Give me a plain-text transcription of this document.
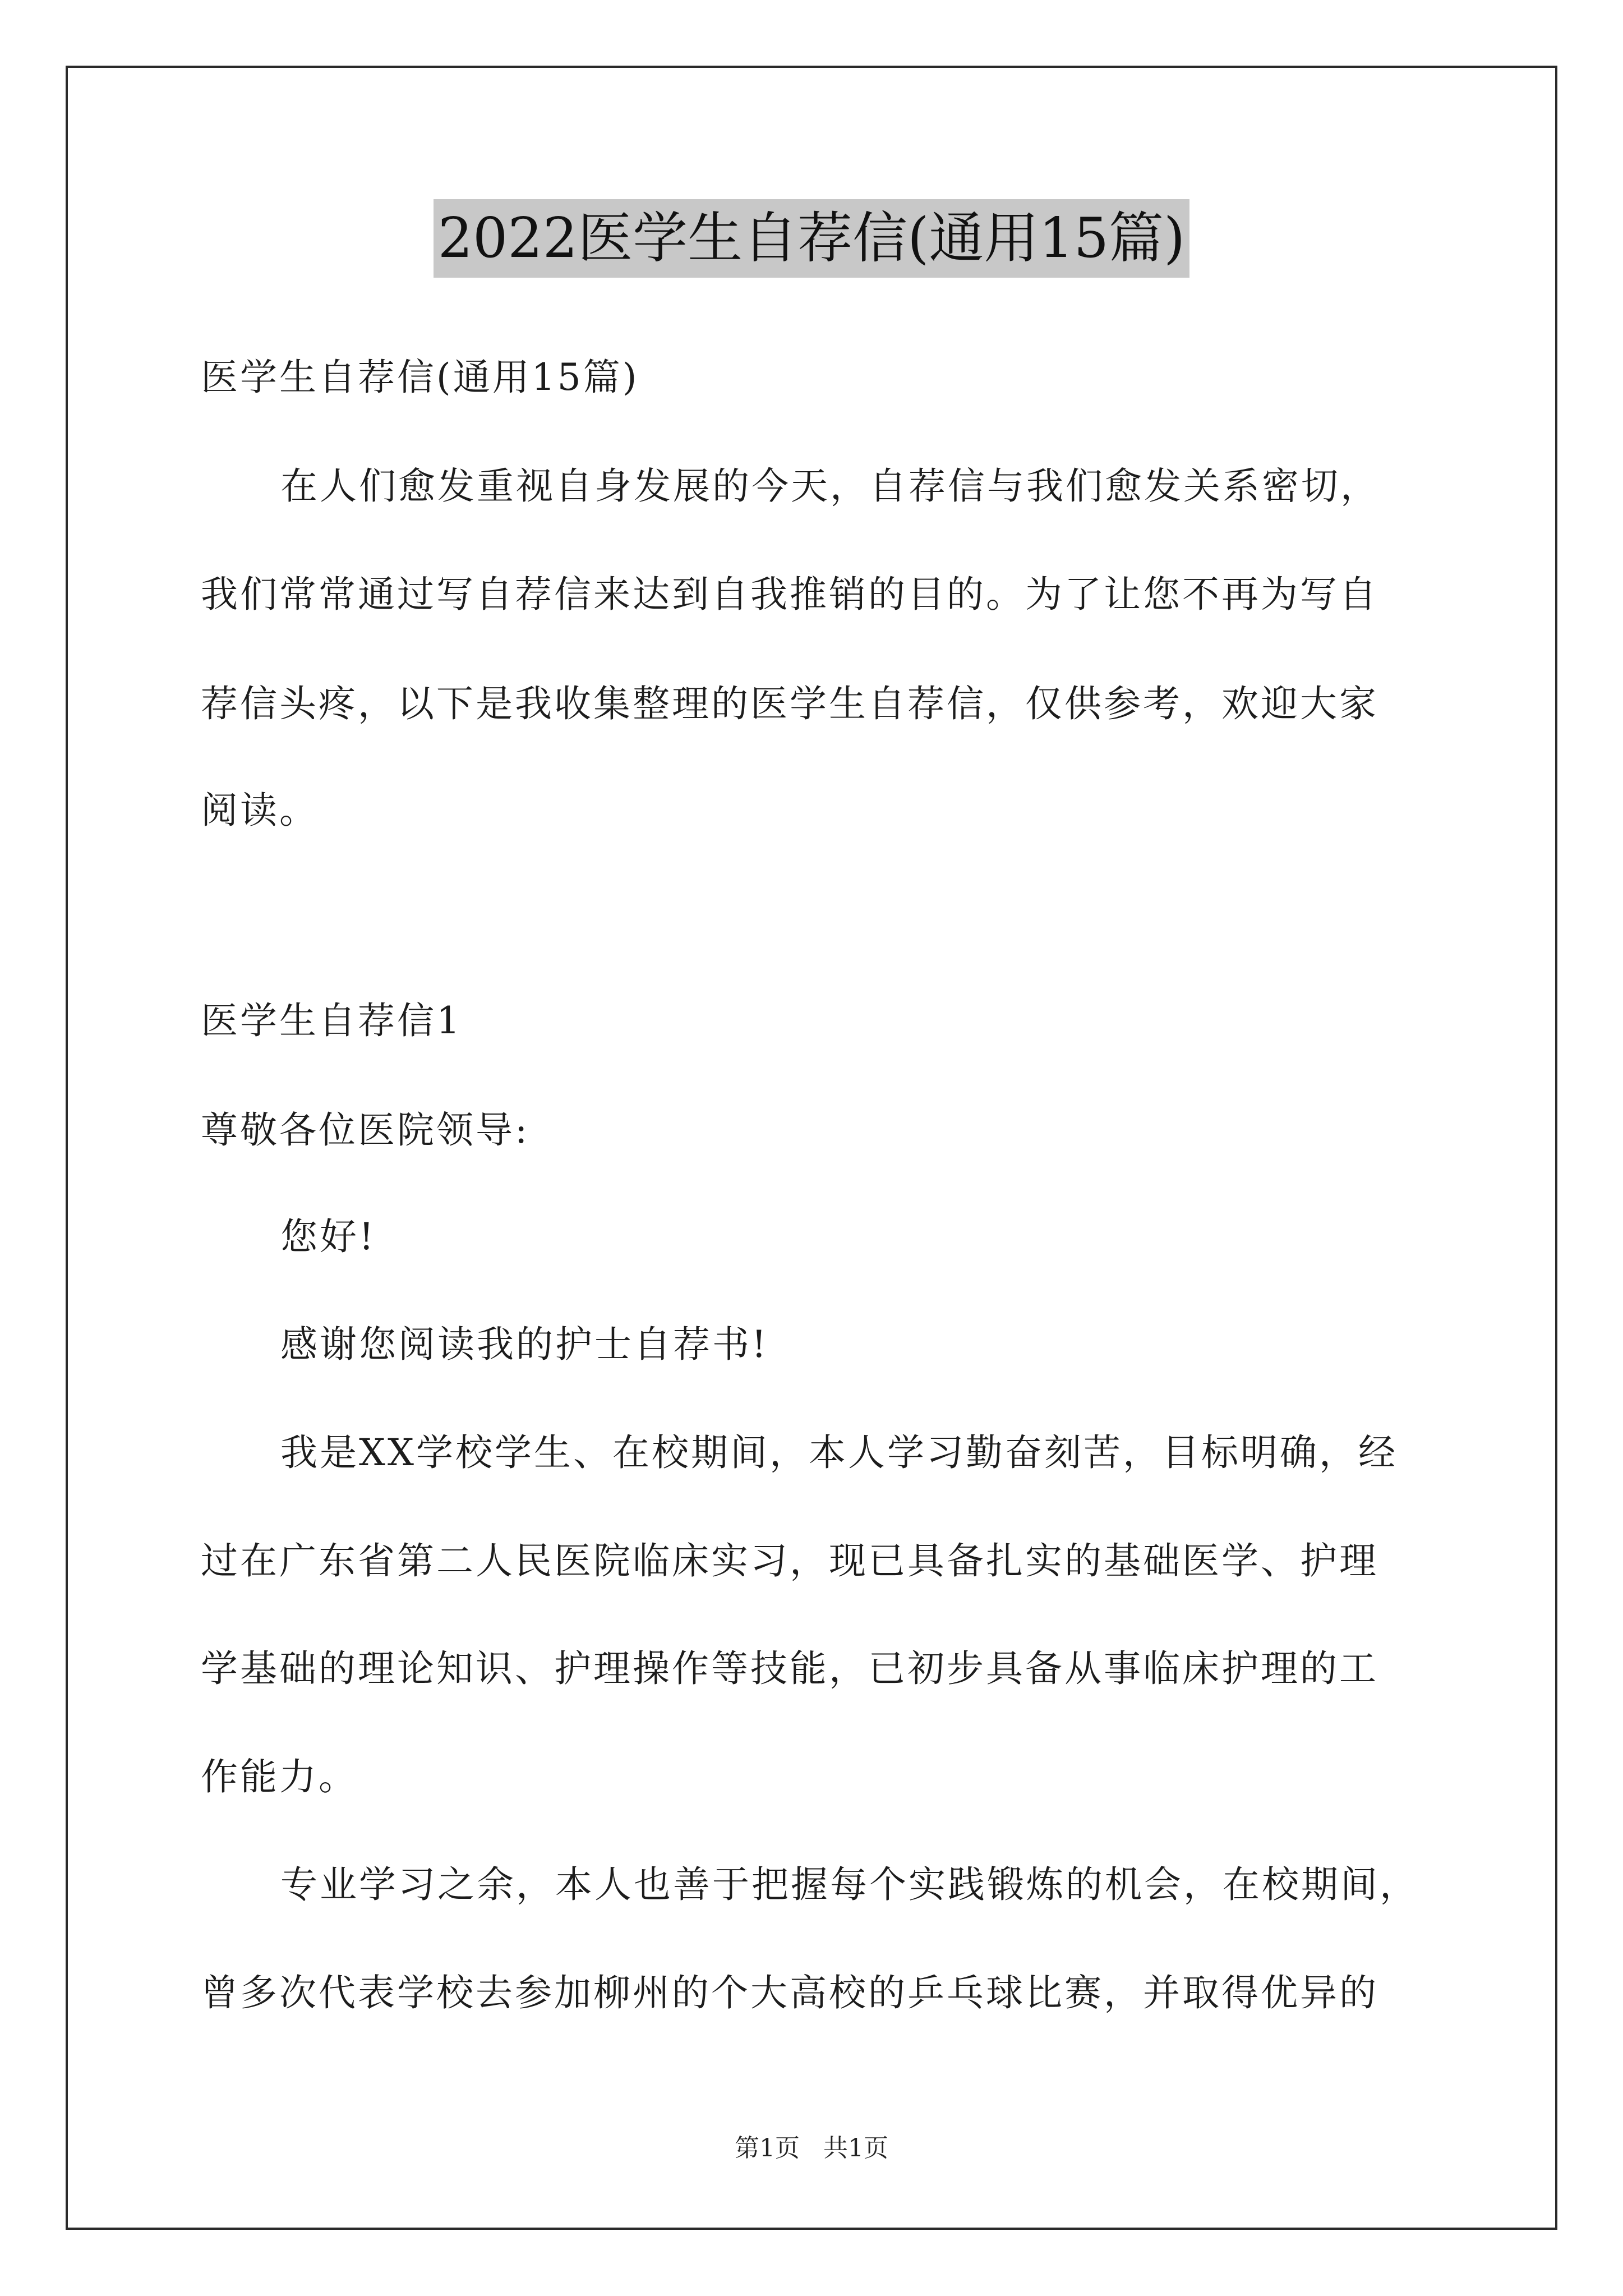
2022医学生自荐信(通用15篇)
医学生自荐信(通用15篇)
在人们愈发重视自身发展的今天，自荐信与我们愈发关系密切，
我们常常通过写自荐信来达到自我推销的目的。为了让您不再为写自
荐信头疼，以下是我收集整理的医学生自荐信，仅供参考，欢迎大家
阅读。
医学生自荐信1
尊敬各位医院领导:
您好!
感谢您阅读我的护士自荐书!
我是XX学校学生、在校期间，本人学习勤奋刻苦，目标明确，经
过在广东省第二人民医院临床实习，现已具备扎实的基础医学、护理
学基础的理论知识、护理操作等技能，已初步具备从事临床护理的工
作能力。
专业学习之余，本人也善于把握每个实践锻炼的机会，在校期间，
曾多次代表学校去参加柳州的个大高校的乒乓球比赛，并取得优异的
第1页 共1页
